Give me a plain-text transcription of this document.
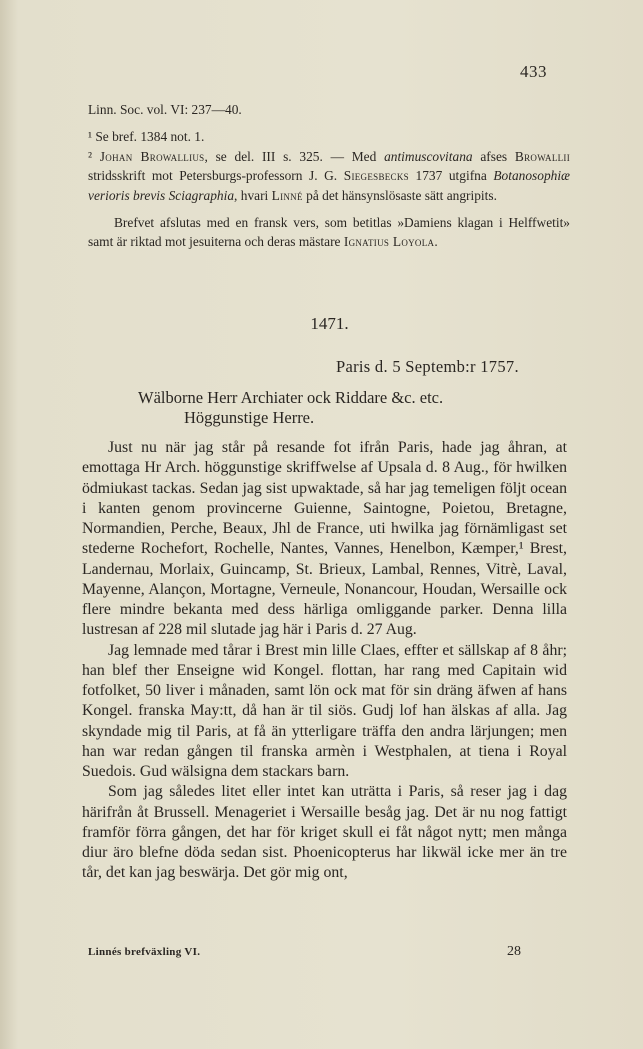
433

Linn. Soc. vol. VI: 237—40.

¹ Se bref. 1384 not. 1.

² Johan Browallius, se del. III s. 325. — Med antimuscovitana afses Browallii stridsskrift mot Petersburgs-professorn J. G. Siegesbecks 1737 utgifna Botanosophiæ verioris brevis Sciagraphia, hvari Linné på det hänsynslösaste sätt angripits.

Brefvet afslutas med en fransk vers, som betitlas »Damiens klagan i Helffwetit» samt är riktad mot jesuiterna och deras mästare Ignatius Loyola.

1471.
Paris d. 5 Septemb:r 1757.
Wälborne Herr Archiater ock Riddare &c. etc.
Höggunstige Herre.

Just nu när jag står på resande fot ifrån Paris, hade jag åhran, at emottaga Hr Arch. höggunstige skriffwelse af Upsala d. 8 Aug., för hwilken ödmiukast tackas. Sedan jag sist upwaktade, så har jag temeligen följt ocean i kanten genom provincerne Guienne, Saintogne, Poietou, Bretagne, Normandien, Perche, Beaux, Jhl de France, uti hwilka jag förnämligast set stederne Rochefort, Rochelle, Nantes, Vannes, Henelbon, Kæmper,¹ Brest, Landernau, Morlaix, Guincamp, St. Brieux, Lambal, Rennes, Vitrè, Laval, Mayenne, Alançon, Mortagne, Verneule, Nonancour, Houdan, Wersaille ock flere mindre bekanta med dess härliga omliggande parker. Denna lilla lustresan af 228 mil slutade jag här i Paris d. 27 Aug.

Jag lemnade med tårar i Brest min lille Claes, effter et sällskap af 8 åhr; han blef ther Enseigne wid Kongel. flottan, har rang med Capitain wid fotfolket, 50 liver i månaden, samt lön ock mat för sin dräng äfwen af hans Kongel. franska May:tt, då han är til siös. Gudj lof han älskas af alla. Jag skyndade mig til Paris, at få än ytterligare träffa den andra lärjungen; men han war redan gången til franska armèn i Westphalen, at tiena i Royal Suedois. Gud wälsigna dem stackars barn.

Som jag således litet eller intet kan uträtta i Paris, så reser jag i dag härifrån åt Brussell. Menageriet i Wersaille besåg jag. Det är nu nog fattigt framför förra gången, det har för kriget skull ei fåt något nytt; men många diur äro blefne döda sedan sist. Phoenicopterus har likwäl icke mer än tre tår, det kan jag beswärja. Det gör mig ont,

Linnés brefväxling VI.	28
